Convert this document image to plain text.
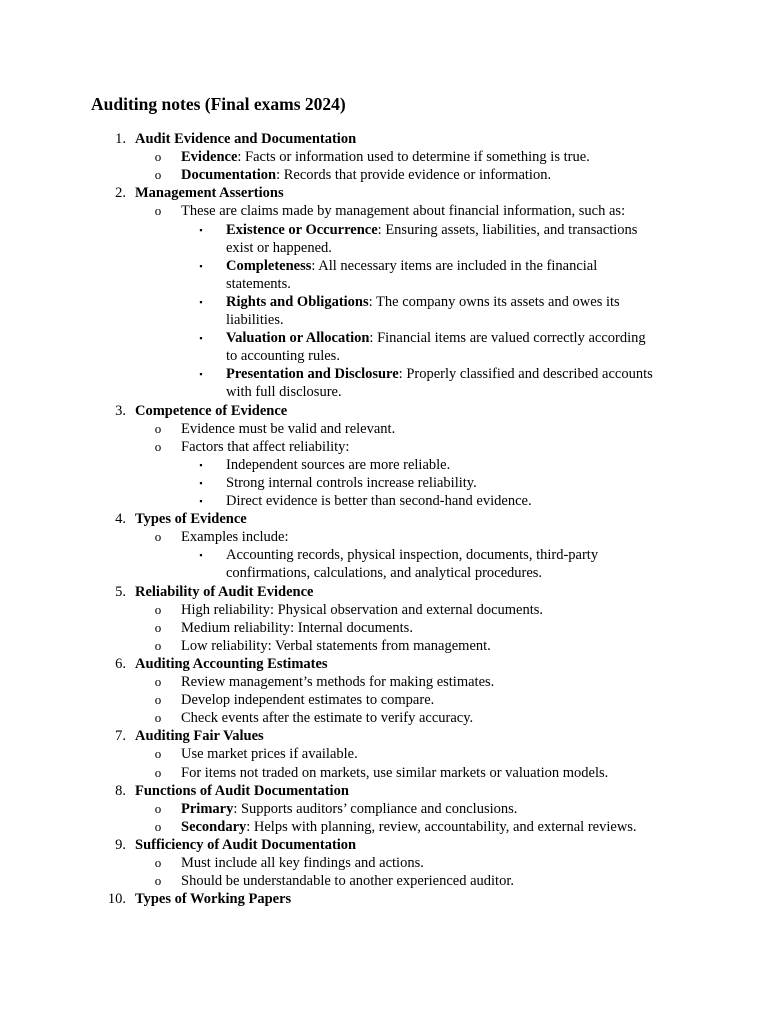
Auditing notes (Final exams 2024)
1. Audit Evidence and Documentation
o Evidence: Facts or information used to determine if something is true.
o Documentation: Records that provide evidence or information.
2. Management Assertions
o These are claims made by management about financial information, such as:
▪ Existence or Occurrence: Ensuring assets, liabilities, and transactions
exist or happened.
▪ Completeness: All necessary items are included in the financial
statements.
▪ Rights and Obligations: The company owns its assets and owes its
liabilities.
▪ Valuation or Allocation: Financial items are valued correctly according
to accounting rules.
▪ Presentation and Disclosure: Properly classified and described accounts
with full disclosure.
3. Competence of Evidence
o Evidence must be valid and relevant.
o Factors that affect reliability:
▪ Independent sources are more reliable.
▪ Strong internal controls increase reliability.
▪ Direct evidence is better than second-hand evidence.
4. Types of Evidence
o Examples include:
▪ Accounting records, physical inspection, documents, third-party
confirmations, calculations, and analytical procedures.
5. Reliability of Audit Evidence
o High reliability: Physical observation and external documents.
o Medium reliability: Internal documents.
o Low reliability: Verbal statements from management.
6. Auditing Accounting Estimates
o Review management’s methods for making estimates.
o Develop independent estimates to compare.
o Check events after the estimate to verify accuracy.
7. Auditing Fair Values
o Use market prices if available.
o For items not traded on markets, use similar markets or valuation models.
8. Functions of Audit Documentation
o Primary: Supports auditors’ compliance and conclusions.
o Secondary: Helps with planning, review, accountability, and external reviews.
9. Sufficiency of Audit Documentation
o Must include all key findings and actions.
o Should be understandable to another experienced auditor.
10. Types of Working Papers
